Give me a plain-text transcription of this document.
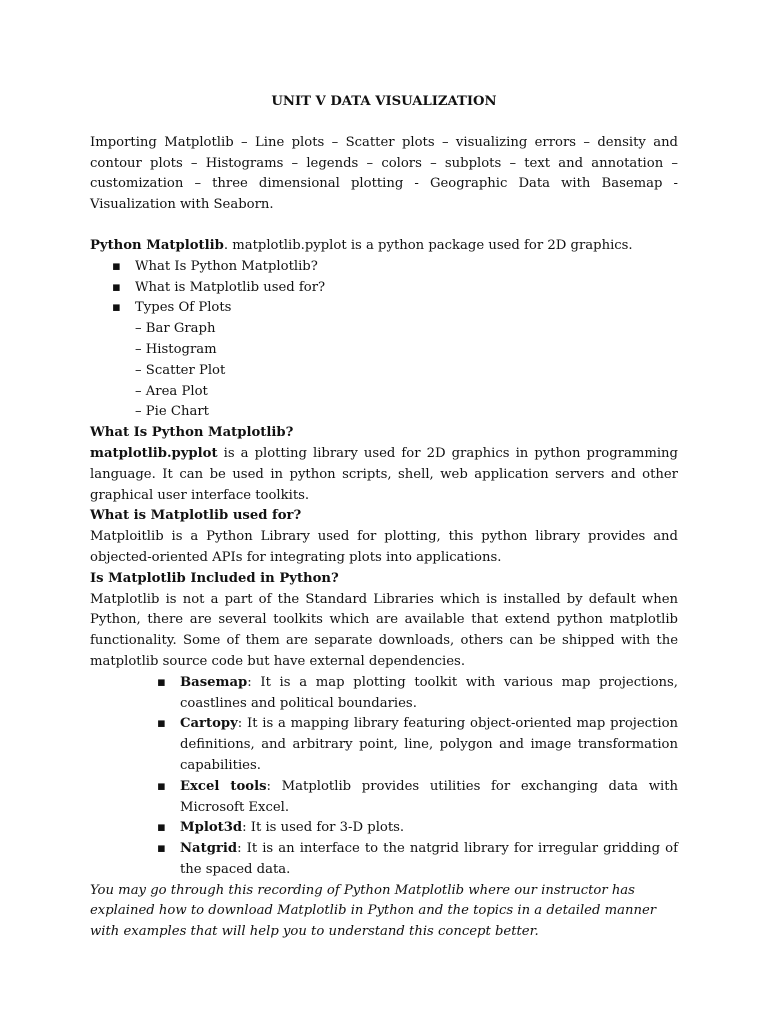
UNIT V DATA VISUALIZATION

Importing Matplotlib – Line plots – Scatter plots – visualizing errors – density and contour plots – Histograms – legends – colors – subplots – text and annotation – customization – three dimensional plotting - Geographic Data with Basemap - Visualization with Seaborn.

Python Matplotlib. matplotlib.pyplot is a python package used for 2D graphics.

▪ What Is Python Matplotlib?
▪ What is Matplotlib used for?
▪ Types Of Plots
– Bar Graph
– Histogram
– Scatter Plot
– Area Plot
– Pie Chart
What Is Python Matplotlib?

matplotlib.pyplot is a plotting library used for 2D graphics in python programming language. It can be used in python scripts, shell, web application servers and other graphical user interface toolkits.

What is Matplotlib used for?

Matploitlib is a Python Library used for plotting, this python library provides and objected-oriented APIs for integrating plots into applications.

Is Matplotlib Included in Python?

Matplotlib is not a part of the Standard Libraries which is installed by default when Python, there are several toolkits which are available that extend python matplotlib functionality. Some of them are separate downloads, others can be shipped with the matplotlib source code but have external dependencies.

▪ Basemap: It is a map plotting toolkit with various map projections, coastlines and political boundaries.
▪ Cartopy: It is a mapping library featuring object-oriented map projection definitions, and arbitrary point, line, polygon and image transformation capabilities.
▪ Excel tools: Matplotlib provides utilities for exchanging data with Microsoft Excel.
▪ Mplot3d: It is used for 3-D plots.
▪ Natgrid: It is an interface to the natgrid library for irregular gridding of the spaced data.

You may go through this recording of Python Matplotlib where our instructor has explained how to download Matplotlib in Python and the topics in a detailed manner with examples that will help you to understand this concept better.
